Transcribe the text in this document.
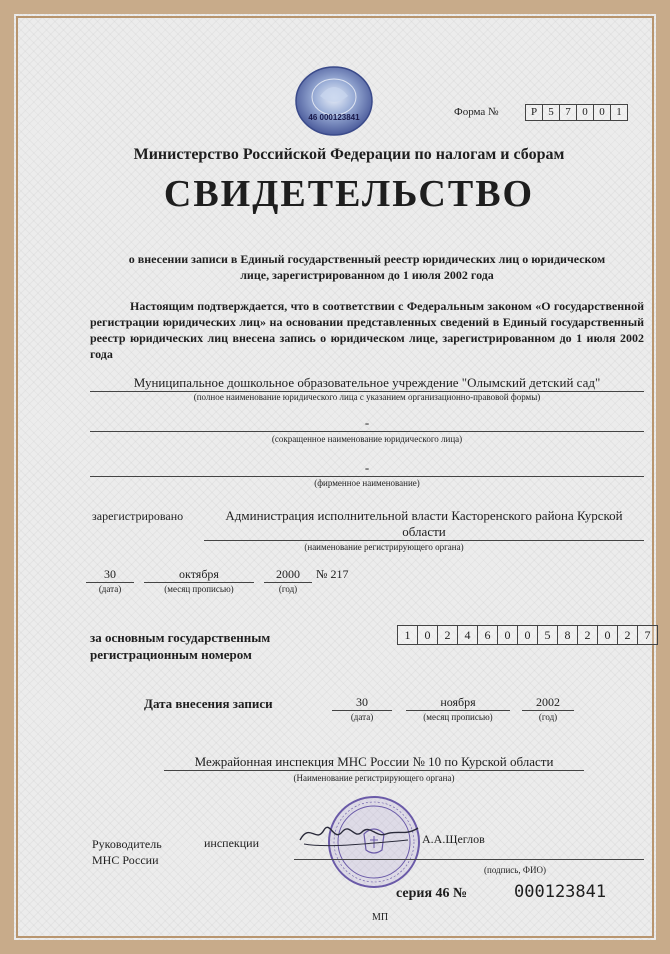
46 000123841	Форма №	Р	5	7	0	0	1
Министерство Российской Федерации по налогам и сборам
СВИДЕТЕЛЬСТВО
о внесении записи в Единый государственный реестр юридических лиц о юридическом
лице, зарегистрированном до 1 июля 2002 года
Настоящим подтверждается, что в соответствии с Федеральным законом «О государственной регистрации юридических лиц» на основании представленных сведений в Единый государственный реестр юридических лиц внесена запись о юридическом лице, зарегистрированном до 1 июля 2002 года
Муниципальное дошкольное образовательное учреждение "Олымский детский сад"
(полное наименование юридического лица с указанием организационно-правовой формы)
-
(сокращенное наименование юридического лица)
-
(фирменное наименование)
зарегистрировано	Администрация исполнительной власти Касторенского района Курской
области
(наименование регистрирующего органа)
30
(дата)
октября
(месяц прописью)
2000
(год)
№ 217
за основным государственным
регистрационным номером
1	0	2	4	6	0	0	5	8	2	0	2	7
Дата внесения записи	30
(дата)
ноября
(месяц прописью)
2002
(год)
Межрайонная инспекция МНС России № 10 по Курской области
(Наименование регистрирующего органа)
Руководитель
МНС России
инспекции	А.А.Щеглов
(подпись, ФИО)
серия 46 №	000123841
МП
